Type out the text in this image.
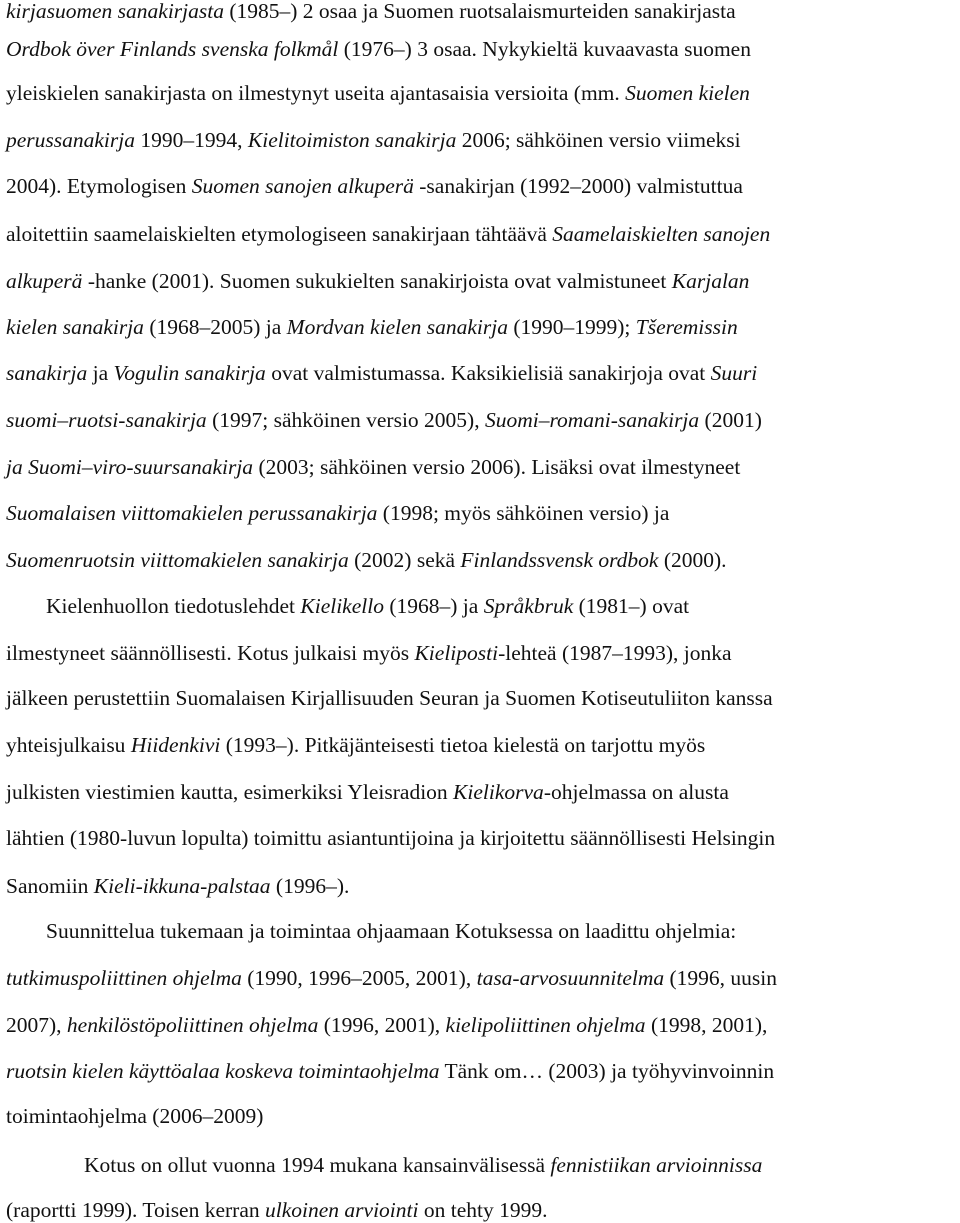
kirjasuomen sanakirjasta (1985–) 2 osaa ja Suomen ruotsalaismurteiden sanakirjasta

Ordbok över Finlands svenska folkmål (1976–) 3 osaa. Nykykieltä kuvaavasta suomen

yleiskielen sanakirjasta on ilmestynyt useita ajantasaisia versioita (mm. Suomen kielen

perussanakirja 1990–1994, Kielitoimiston sanakirja 2006; sähköinen versio viimeksi

2004). Etymologisen Suomen sanojen alkuperä -sanakirjan (1992–2000) valmistuttua

aloitettiin saamelaiskielten etymologiseen sanakirjaan tähtäävä Saamelaiskielten sanojen

alkuperä -hanke (2001). Suomen sukukielten sanakirjoista ovat valmistuneet Karjalan

kielen sanakirja (1968–2005) ja Mordvan kielen sanakirja (1990–1999); Tšeremissin

sanakirja ja Vogulin sanakirja ovat valmistumassa. Kaksikielisiä sanakirjoja ovat Suuri

suomi–ruotsi-sanakirja (1997; sähköinen versio 2005), Suomi–romani-sanakirja (2001)

ja Suomi–viro-suursanakirja (2003; sähköinen versio 2006). Lisäksi ovat ilmestyneet

Suomalaisen viittomakielen perussanakirja (1998; myös sähköinen versio) ja

Suomenruotsin viittomakielen sanakirja (2002) sekä Finlandssvensk ordbok (2000).

Kielenhuollon tiedotuslehdet Kielikello (1968–) ja Språkbruk (1981–) ovat

ilmestyneet säännöllisesti. Kotus julkaisi myös Kieliposti-lehteä (1987–1993), jonka

jälkeen perustettiin Suomalaisen Kirjallisuuden Seuran ja Suomen Kotiseutuliiton kanssa

yhteisjulkaisu Hiidenkivi (1993–). Pitkäjänteisesti tietoa kielestä on tarjottu myös

julkisten viestimien kautta, esimerkiksi Yleisradion Kielikorva-ohjelmassa on alusta

lähtien (1980-luvun lopulta) toimittu asiantuntijoina ja kirjoitettu säännöllisesti Helsingin

Sanomiin Kieli-ikkuna-palstaa (1996–).

Suunnittelua tukemaan ja toimintaa ohjaamaan Kotuksessa on laadittu ohjelmia:

tutkimuspoliittinen ohjelma (1990, 1996–2005, 2001), tasa-arvosuunnitelma (1996, uusin

2007), henkilöstöpoliittinen ohjelma (1996, 2001), kielipoliittinen ohjelma (1998, 2001),

ruotsin kielen käyttöalaa koskeva toimintaohjelma Tänk om… (2003) ja työhyvinvoinnin

toimintaohjelma (2006–2009)

Kotus on ollut vuonna 1994 mukana kansainvälisessä fennistiikan arvioinnissa

(raportti 1999). Toisen kerran ulkoinen arviointi on tehty 1999.
